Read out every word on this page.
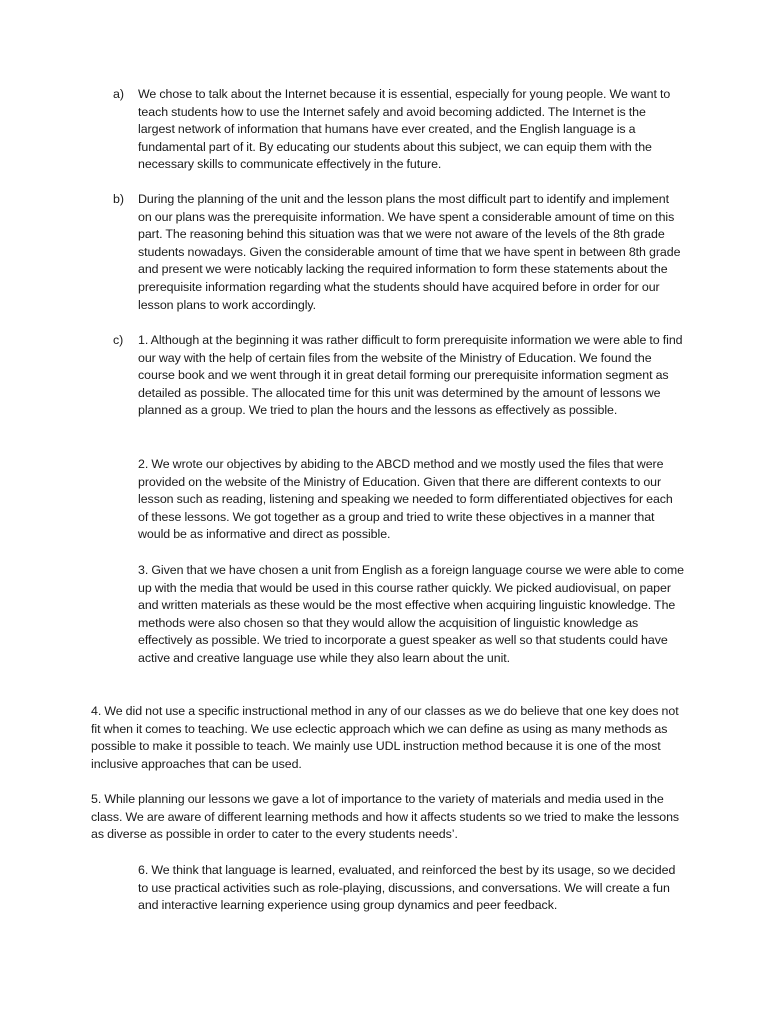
a) We chose to talk about the Internet because it is essential, especially for young people. We want to teach students how to use the Internet safely and avoid becoming addicted. The Internet is the largest network of information that humans have ever created, and the English language is a fundamental part of it. By educating our students about this subject, we can equip them with the necessary skills to communicate effectively in the future.
b) During the planning of the unit and the lesson plans the most difficult part to identify and implement on our plans was the prerequisite information. We have spent a considerable amount of time on this part. The reasoning behind this situation was that we were not aware of the levels of the 8th grade students nowadays. Given the considerable amount of time that we have spent in between 8th grade and present we were noticably lacking the required information to form these statements about the prerequisite information regarding what the students should have acquired before in order for our lesson plans to work accordingly.
c) 1. Although at the beginning it was rather difficult to form prerequisite information we were able to find our way with the help of certain files from the website of the Ministry of Education. We found the course book and we went through it in great detail forming our prerequisite information segment as detailed as possible. The allocated time for this unit was determined by the amount of lessons we planned as a group. We tried to plan the hours and the lessons as effectively as possible.
2. We wrote our objectives by abiding to the ABCD method and we mostly used the files that were provided on the website of the Ministry of Education. Given that there are different contexts to our lesson such as reading, listening and speaking we needed to form differentiated objectives for each of these lessons. We got together as a group and tried to write these objectives in a manner that would be as informative and direct as possible.
3. Given that we have chosen a unit from English as a foreign language course we were able to come up with the media that would be used in this course rather quickly. We picked audiovisual, on paper and written materials as these would be the most effective when acquiring linguistic knowledge. The methods were also chosen so that they would allow the acquisition of linguistic knowledge as effectively as possible. We tried to incorporate a guest speaker as well so that students could have active and creative language use while they also learn about the unit.
4. We did not use a specific instructional method in any of our classes as we do believe that one key does not fit when it comes to teaching. We use eclectic approach which we can define as using as many methods as possible to make it possible to teach. We mainly use UDL instruction method because it is one of the most inclusive approaches that can be used.
5. While planning our lessons we gave a lot of importance to the variety of materials and media used in the class. We are aware of different learning methods and how it affects students so we tried to make the lessons as diverse as possible in order to cater to the every students needs’.
6. We think that language is learned, evaluated, and reinforced the best by its usage, so we decided to use practical activities such as role-playing, discussions, and conversations. We will create a fun and interactive learning experience using group dynamics and peer feedback.
